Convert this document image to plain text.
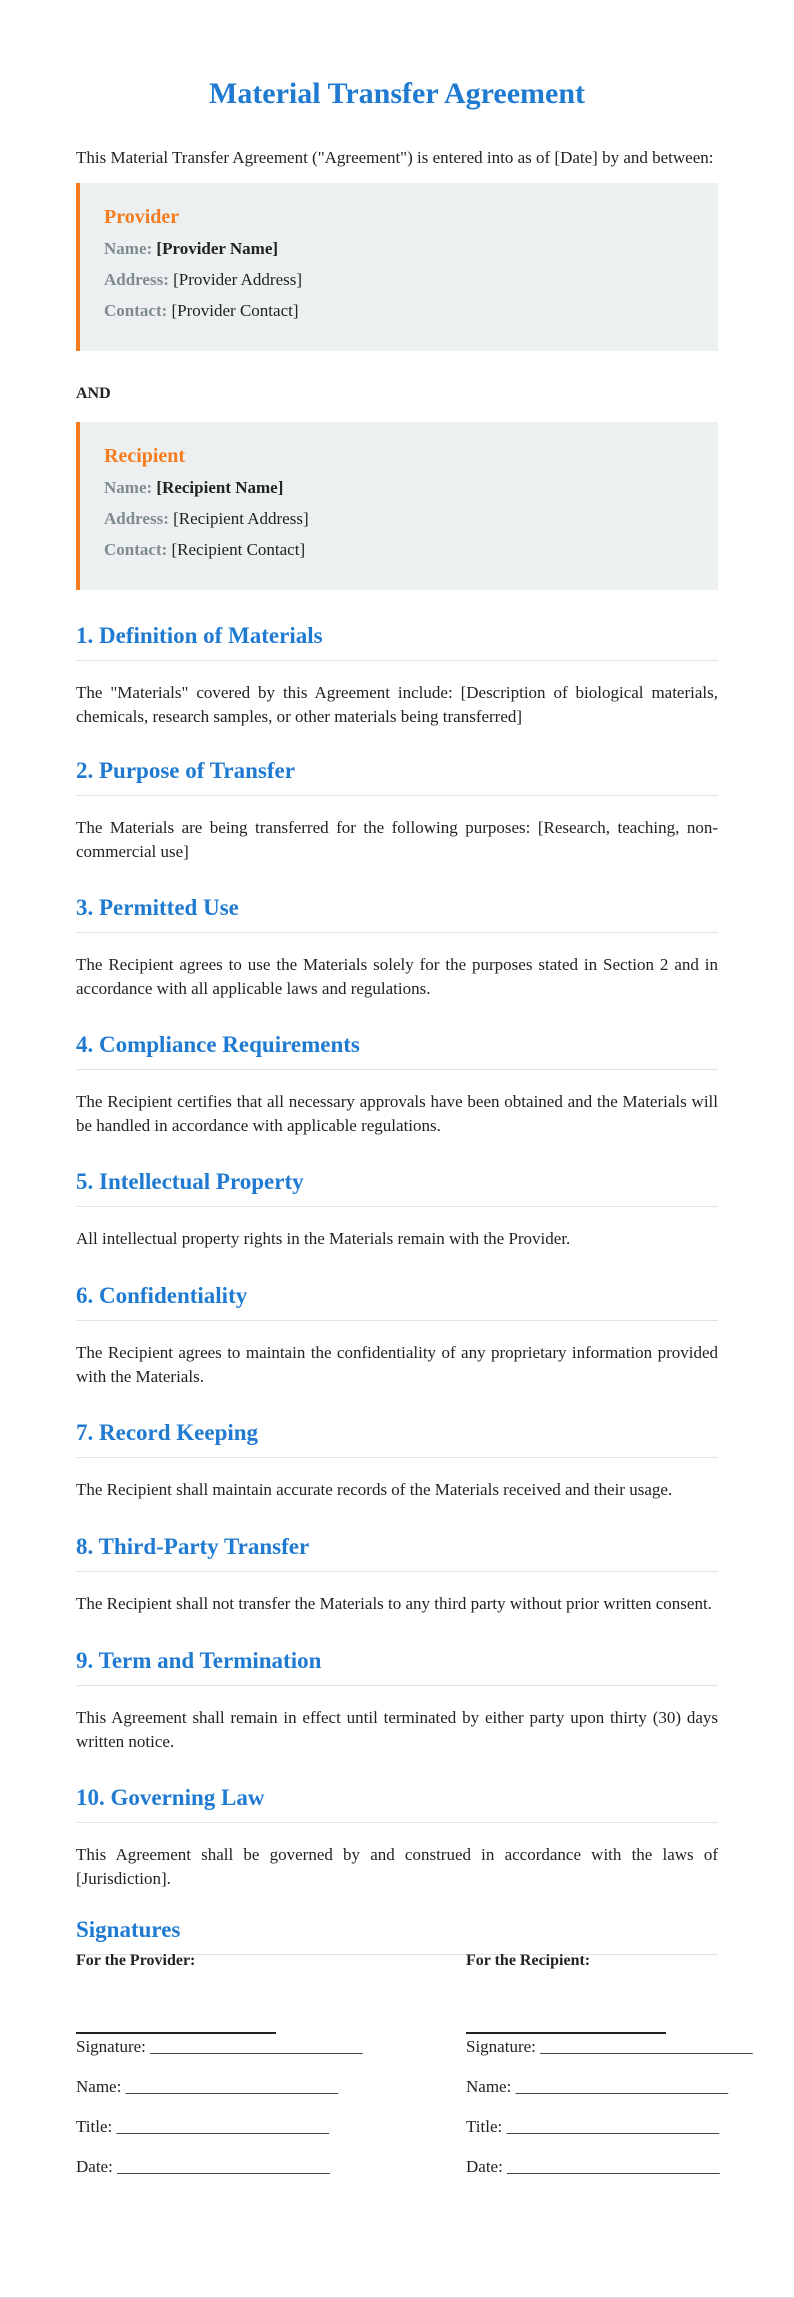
Material Transfer Agreement

This Material Transfer Agreement ("Agreement") is entered into as of [Date] by and between:

Provider

Name: [Provider Name]

Address: [Provider Address]

Contact: [Provider Contact]

AND

Recipient

Name: [Recipient Name]

Address: [Recipient Address]

Contact: [Recipient Contact]

1. Definition of Materials

The "Materials" covered by this Agreement include: [Description of biological materials, chemicals, research samples, or other materials being transferred]

2. Purpose of Transfer

The Materials are being transferred for the following purposes: [Research, teaching, non-commercial use]

3. Permitted Use

The Recipient agrees to use the Materials solely for the purposes stated in Section 2 and in accordance with all applicable laws and regulations.

4. Compliance Requirements

The Recipient certifies that all necessary approvals have been obtained and the Materials will be handled in accordance with applicable regulations.

5. Intellectual Property

All intellectual property rights in the Materials remain with the Provider.

6. Confidentiality

The Recipient agrees to maintain the confidentiality of any proprietary information provided with the Materials.

7. Record Keeping

The Recipient shall maintain accurate records of the Materials received and their usage.

8. Third-Party Transfer

The Recipient shall not transfer the Materials to any third party without prior written consent.

9. Term and Termination

This Agreement shall remain in effect until terminated by either party upon thirty (30) days written notice.

10. Governing Law

This Agreement shall be governed by and construed in accordance with the laws of [Jurisdiction].

Signatures

For the Provider:

Signature: _________________________

Name: _________________________

Title: _________________________

Date: _________________________

For the Recipient:

Signature: _________________________

Name: _________________________

Title: _________________________

Date: _________________________
